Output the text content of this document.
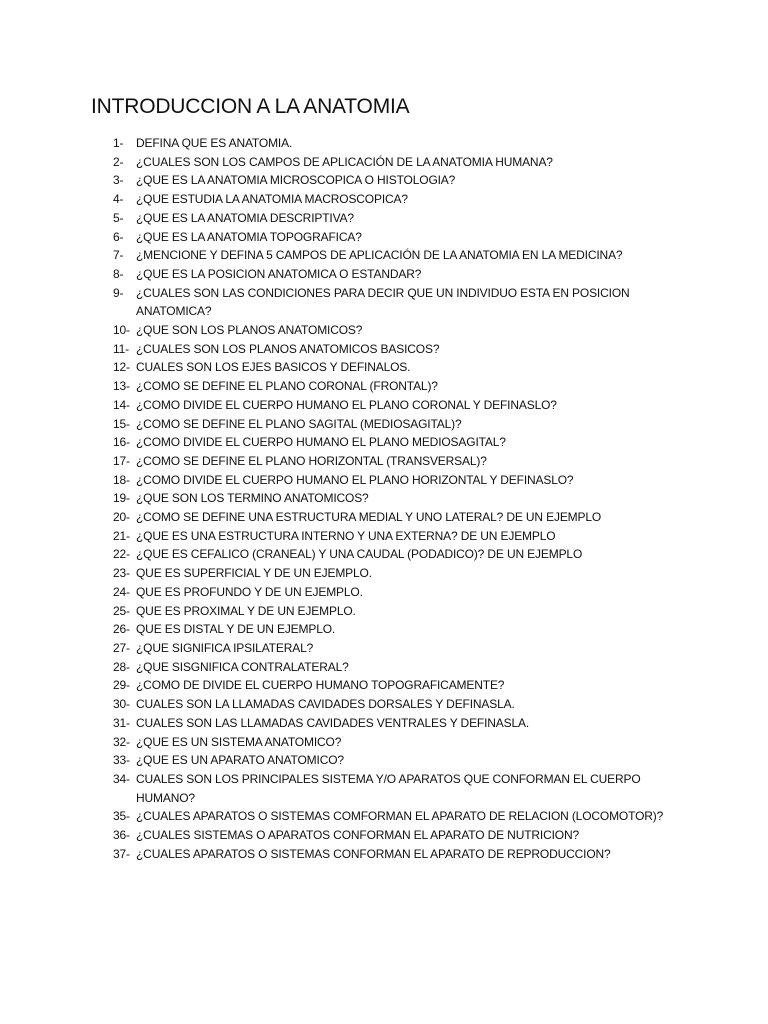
INTRODUCCION A LA ANATOMIA
1- DEFINA QUE ES ANATOMIA.
2- ¿CUALES SON LOS CAMPOS DE APLICACIÓN DE LA ANATOMIA HUMANA?
3- ¿QUE ES LA ANATOMIA MICROSCOPICA O HISTOLOGIA?
4- ¿QUE ESTUDIA LA ANATOMIA MACROSCOPICA?
5- ¿QUE ES LA ANATOMIA DESCRIPTIVA?
6- ¿QUE ES LA ANATOMIA TOPOGRAFICA?
7- ¿MENCIONE Y DEFINA 5 CAMPOS DE APLICACIÓN DE LA ANATOMIA EN LA MEDICINA?
8- ¿QUE ES LA POSICION ANATOMICA O ESTANDAR?
9- ¿CUALES SON LAS CONDICIONES PARA DECIR QUE UN INDIVIDUO ESTA EN POSICION ANATOMICA?
10- ¿QUE SON LOS PLANOS ANATOMICOS?
11- ¿CUALES SON LOS PLANOS ANATOMICOS BASICOS?
12- CUALES SON LOS EJES BASICOS Y DEFINALOS.
13- ¿COMO SE DEFINE EL PLANO CORONAL (FRONTAL)?
14- ¿COMO DIVIDE EL CUERPO HUMANO EL PLANO CORONAL Y DEFINASLO?
15- ¿COMO SE DEFINE EL PLANO SAGITAL (MEDIOSAGITAL)?
16- ¿COMO DIVIDE EL CUERPO HUMANO EL PLANO MEDIOSAGITAL?
17- ¿COMO SE DEFINE EL PLANO HORIZONTAL (TRANSVERSAL)?
18- ¿COMO DIVIDE EL CUERPO HUMANO EL PLANO HORIZONTAL Y DEFINASLO?
19- ¿QUE SON LOS TERMINO ANATOMICOS?
20- ¿COMO SE DEFINE UNA ESTRUCTURA MEDIAL Y UNO LATERAL? DE UN EJEMPLO
21- ¿QUE ES UNA ESTRUCTURA INTERNO Y UNA EXTERNA? DE UN EJEMPLO
22- ¿QUE ES CEFALICO (CRANEAL) Y UNA CAUDAL (PODADICO)? DE UN EJEMPLO
23- QUE ES SUPERFICIAL Y DE UN EJEMPLO.
24- QUE ES PROFUNDO Y DE UN EJEMPLO.
25- QUE ES PROXIMAL Y DE UN EJEMPLO.
26- QUE ES DISTAL Y DE UN EJEMPLO.
27- ¿QUE SIGNIFICA IPSILATERAL?
28- ¿QUE SISGNIFICA CONTRALATERAL?
29- ¿COMO DE DIVIDE EL CUERPO HUMANO TOPOGRAFICAMENTE?
30- CUALES SON LA LLAMADAS CAVIDADES DORSALES Y DEFINASLA.
31- CUALES SON LAS LLAMADAS CAVIDADES VENTRALES Y DEFINASLA.
32- ¿QUE ES UN SISTEMA ANATOMICO?
33- ¿QUE ES UN APARATO ANATOMICO?
34- CUALES SON LOS PRINCIPALES SISTEMA Y/O APARATOS QUE CONFORMAN EL CUERPO HUMANO?
35- ¿CUALES APARATOS O SISTEMAS COMFORMAN EL APARATO DE RELACION (LOCOMOTOR)?
36- ¿CUALES SISTEMAS O APARATOS CONFORMAN EL APARATO DE NUTRICION?
37- ¿CUALES APARATOS O SISTEMAS CONFORMAN EL APARATO DE REPRODUCCION?
